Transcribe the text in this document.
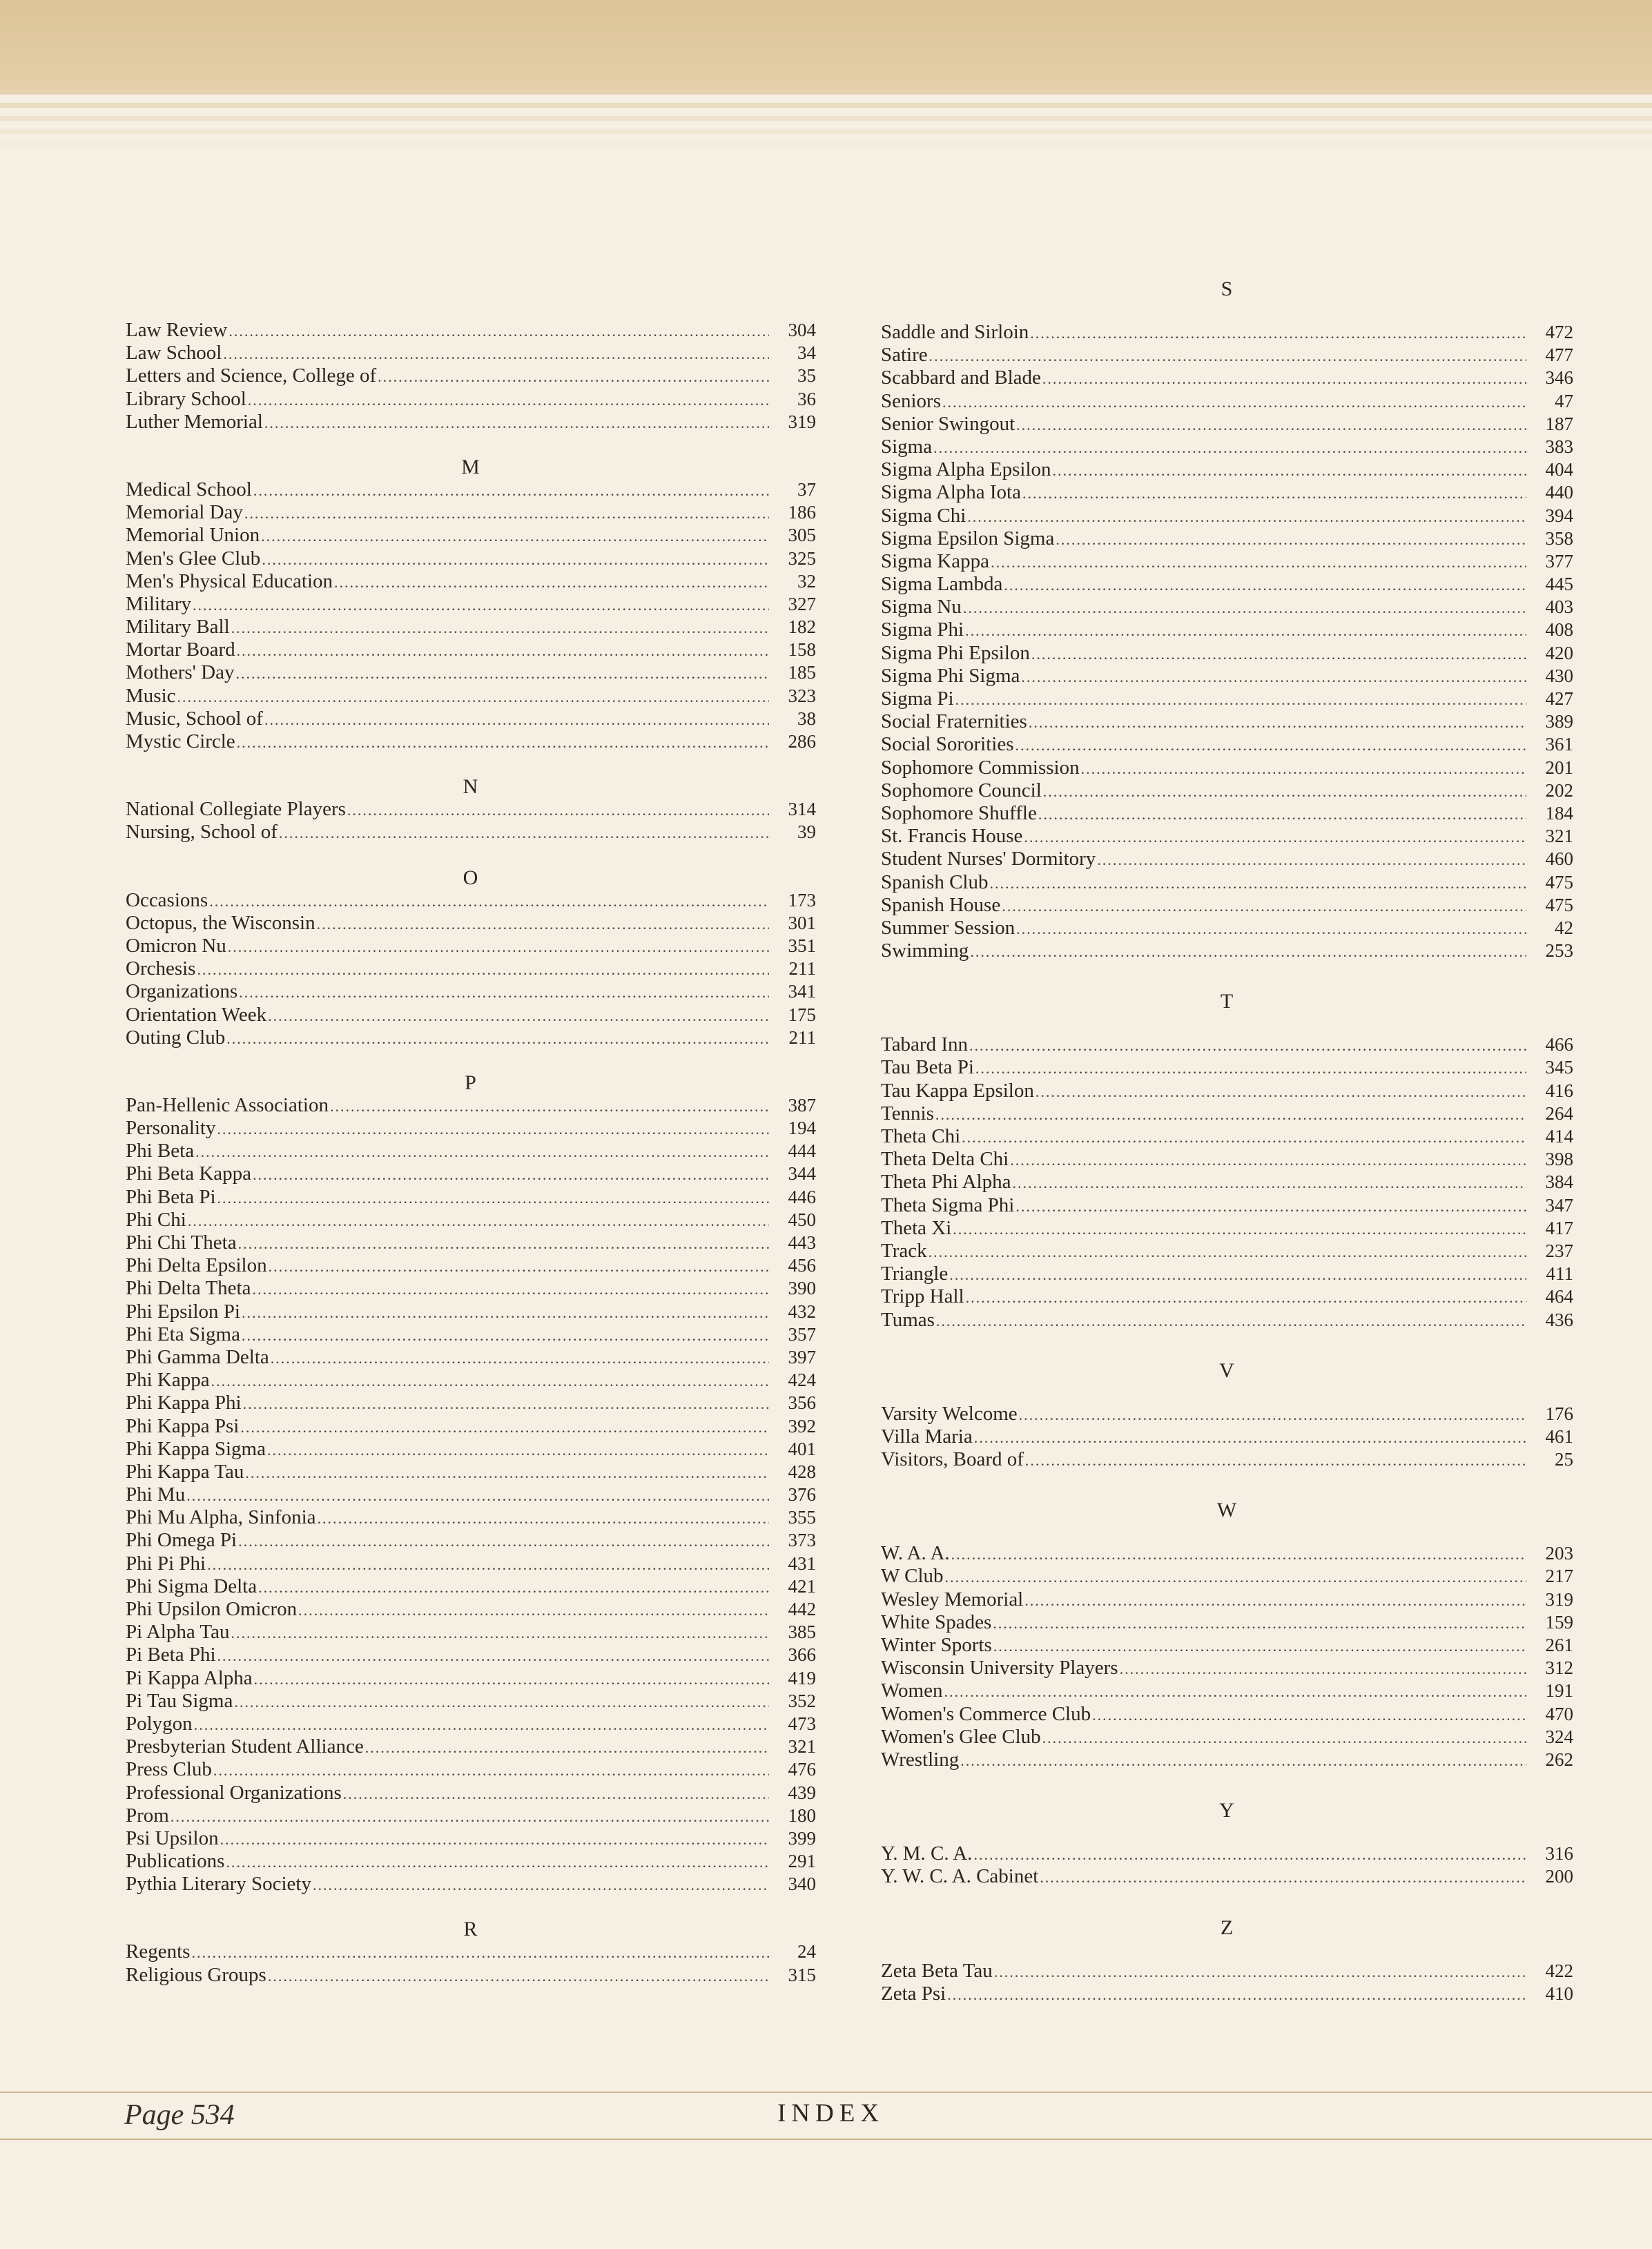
Law Review .....	304
Law School .....	34
Letters and Science, College of .....	35
Library School .....	36
Luther Memorial .....	319
M
Medical School .....	37
Memorial Day .....	186
Memorial Union .....	305
Men's Glee Club .....	325
Men's Physical Education .....	32
Military .....	327
Military Ball .....	182
Mortar Board .....	158
Mothers' Day .....	185
Music .....	323
Music, School of .....	38
Mystic Circle .....	286
N
National Collegiate Players .....	314
Nursing, School of .....	39
O
Occasions .....	173
Octopus, the Wisconsin .....	301
Omicron Nu .....	351
Orchesis .....	211
Organizations .....	341
Orientation Week .....	175
Outing Club .....	211
P
Pan-Hellenic Association .....	387
Personality .....	194
Phi Beta .....	444
Phi Beta Kappa .....	344
Phi Beta Pi .....	446
Phi Chi .....	450
Phi Chi Theta .....	443
Phi Delta Epsilon .....	456
Phi Delta Theta .....	390
Phi Epsilon Pi .....	432
Phi Eta Sigma .....	357
Phi Gamma Delta .....	397
Phi Kappa .....	424
Phi Kappa Phi .....	356
Phi Kappa Psi .....	392
Phi Kappa Sigma .....	401
Phi Kappa Tau .....	428
Phi Mu .....	376
Phi Mu Alpha, Sinfonia .....	355
Phi Omega Pi .....	373
Phi Pi Phi .....	431
Phi Sigma Delta .....	421
Phi Upsilon Omicron .....	442
Pi Alpha Tau .....	385
Pi Beta Phi .....	366
Pi Kappa Alpha .....	419
Pi Tau Sigma .....	352
Polygon .....	473
Presbyterian Student Alliance .....	321
Press Club .....	476
Professional Organizations .....	439
Prom .....	180
Psi Upsilon .....	399
Publications .....	291
Pythia Literary Society .....	340
R
Regents .....	24
Religious Groups .....	315
S
Saddle and Sirloin .....	472
Satire .....	477
Scabbard and Blade .....	346
Seniors .....	47
Senior Swingout .....	187
Sigma .....	383
Sigma Alpha Epsilon .....	404
Sigma Alpha Iota .....	440
Sigma Chi .....	394
Sigma Epsilon Sigma .....	358
Sigma Kappa .....	377
Sigma Lambda .....	445
Sigma Nu .....	403
Sigma Phi .....	408
Sigma Phi Epsilon .....	420
Sigma Phi Sigma .....	430
Sigma Pi .....	427
Social Fraternities .....	389
Social Sororities .....	361
Sophomore Commission .....	201
Sophomore Council .....	202
Sophomore Shuffle .....	184
St. Francis House .....	321
Student Nurses' Dormitory .....	460
Spanish Club .....	475
Spanish House .....	475
Summer Session .....	42
Swimming .....	253
T
Tabard Inn .....	466
Tau Beta Pi .....	345
Tau Kappa Epsilon .....	416
Tennis .....	264
Theta Chi .....	414
Theta Delta Chi .....	398
Theta Phi Alpha .....	384
Theta Sigma Phi .....	347
Theta Xi .....	417
Track .....	237
Triangle .....	411
Tripp Hall .....	464
Tumas .....	436
V
Varsity Welcome .....	176
Villa Maria .....	461
Visitors, Board of .....	25
W
W. A. A. .....	203
W Club .....	217
Wesley Memorial .....	319
White Spades .....	159
Winter Sports .....	261
Wisconsin University Players .....	312
Women .....	191
Women's Commerce Club .....	470
Women's Glee Club .....	324
Wrestling .....	262
Y
Y. M. C. A. .....	316
Y. W. C. A. Cabinet .....	200
Z
Zeta Beta Tau .....	422
Zeta Psi .....	410
Page 534	INDEX
